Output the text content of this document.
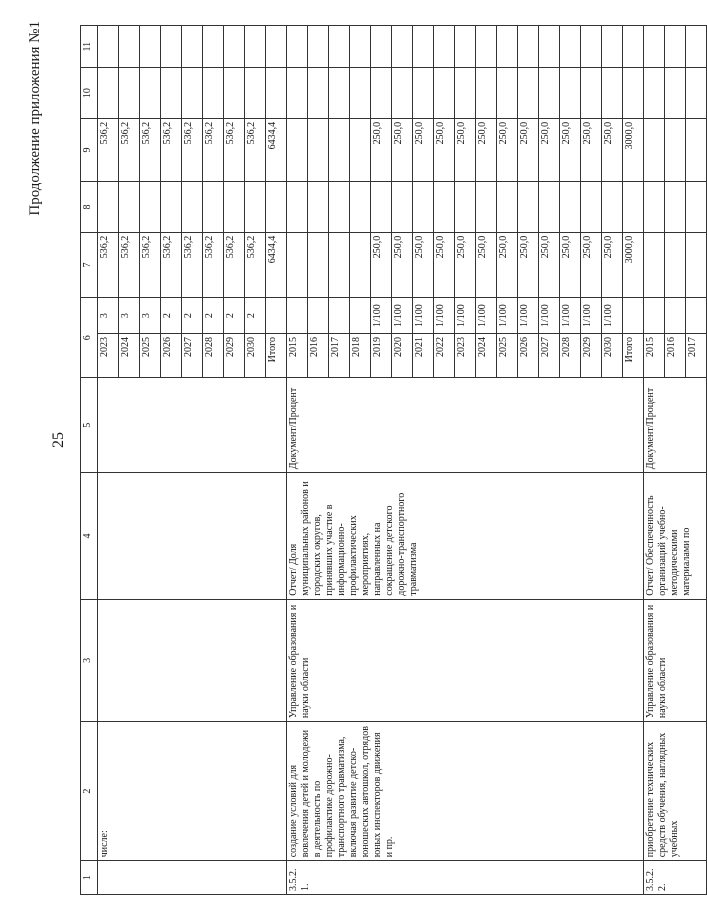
25
Продолжение приложения №1
1	2	3	4	5	6		7	8	9	10	11
	числе:				2023	3	536,2		536,2		
					2024	3	536,2		536,2		
					2025	3	536,2		536,2		
					2026	2	536,2		536,2		
					2027	2	536,2		536,2		
					2028	2	536,2		536,2		
					2029	2	536,2		536,2		
					2030	2	536,2		536,2		
					Итого		6434,4		6434,4		
3.5.2.1.	создание условий для вовлечения детей и молодежи в деятельность по профилактике дорожно-транспортного травматизма, включая развитие детско-юношеских автошкол, отрядов юных инспекторов движения и пр.	Управление образования и науки области	Отчет/ Доля муниципальных районов и городских округов, принявших участие в информационно-профилактических мероприятиях, направленных на сокращение детского дорожно-транспортного травматизма	Документ/Процент	2015						
					2016						
					2017						
					2018						
					2019	1/100	250,0		250,0		
					2020	1/100	250,0		250,0		
					2021	1/100	250,0		250,0		
					2022	1/100	250,0		250,0		
					2023	1/100	250,0		250,0		
					2024	1/100	250,0		250,0		
					2025	1/100	250,0		250,0		
					2026	1/100	250,0		250,0		
					2027	1/100	250,0		250,0		
					2028	1/100	250,0		250,0		
					2029	1/100	250,0		250,0		
					2030	1/100	250,0		250,0		
					Итого		3000,0		3000,0		
3.5.2.2.	приобретение технических средств обучения, наглядных учебных	Управление образования и науки области	Отчет/ Обеспеченность организаций учебно-методическими материалами по	Документ/Процент	2015						
					2016						
					2017						
